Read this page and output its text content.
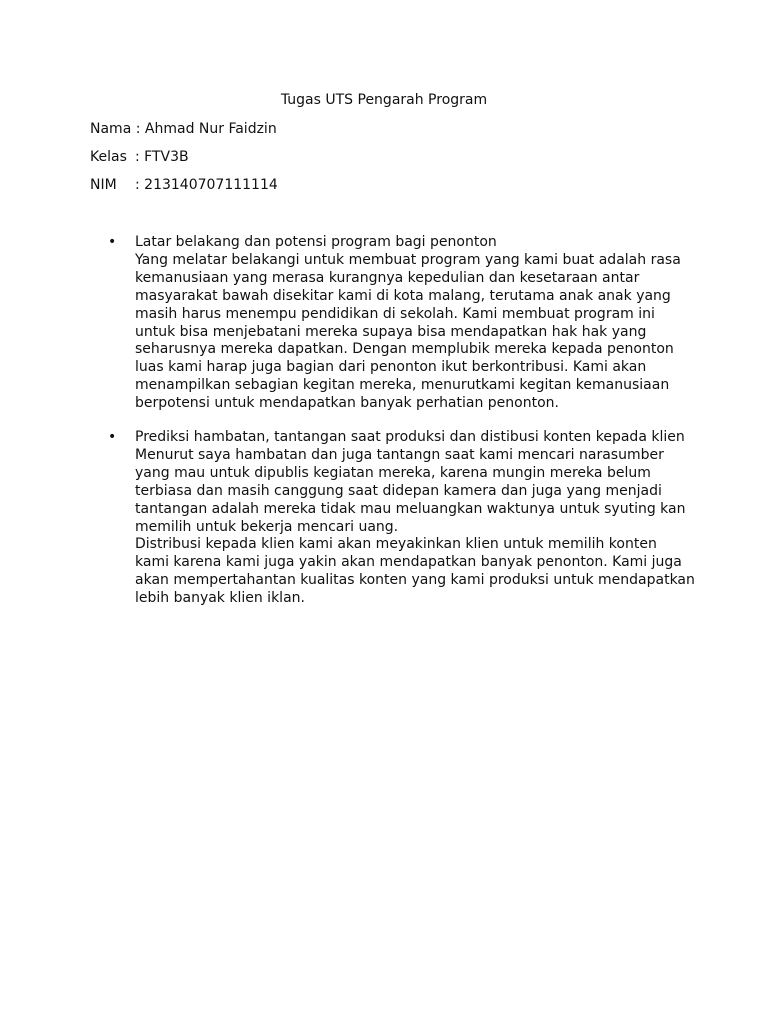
Tugas UTS Pengarah Program
Nama : Ahmad Nur Faidzin
Kelas : FTV3B
NIM : 213140707111114
• Latar belakang dan potensi program bagi penonton

Yang melatar belakangi untuk membuat program yang kami buat adalah rasa kemanusiaan yang merasa kurangnya kepedulian dan kesetaraan antar masyarakat bawah disekitar kami di kota malang, terutama anak anak yang masih harus menempu pendidikan di sekolah. Kami membuat program ini untuk bisa menjebatani mereka supaya bisa mendapatkan hak hak yang seharusnya mereka dapatkan. Dengan memplubik mereka kepada penonton luas kami harap juga bagian dari penonton ikut berkontribusi. Kami akan menampilkan sebagian kegitan mereka, menurutkami kegitan kemanusiaan berpotensi untuk mendapatkan banyak perhatian penonton.

• Prediksi hambatan, tantangan saat produksi dan distibusi konten kepada klien

Menurut saya hambatan dan juga tantangn saat kami mencari narasumber yang mau untuk dipublis kegiatan mereka, karena mungin mereka belum terbiasa dan masih canggung saat didepan kamera dan juga yang menjadi tantangan adalah mereka tidak mau meluangkan waktunya untuk syuting kan memilih untuk bekerja mencari uang.

Distribusi kepada klien kami akan meyakinkan klien untuk memilih konten kami karena kami juga yakin akan mendapatkan banyak penonton. Kami juga akan mempertahantan kualitas konten yang kami produksi untuk mendapatkan lebih banyak klien iklan.
